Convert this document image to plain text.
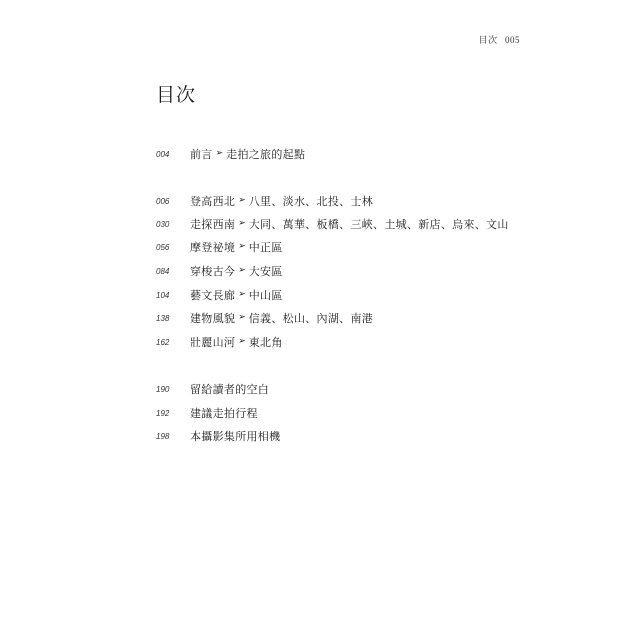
目次 005
目次
004	前言 ➢ 走拍之旅的起點
006	登高西北 ➢ 八里、淡水、北投、士林
030	走探西南 ➢ 大同、萬華、板橋、三峽、土城、新店、烏來、文山
056	摩登祕境 ➢ 中正區
084	穿梭古今 ➢ 大安區
104	藝文長廊 ➢ 中山區
138	建物風貌 ➢ 信義、松山、內湖、南港
162	壯麗山河 ➢ 東北角
190	留給讀者的空白
192	建議走拍行程
198	本攝影集所用相機
